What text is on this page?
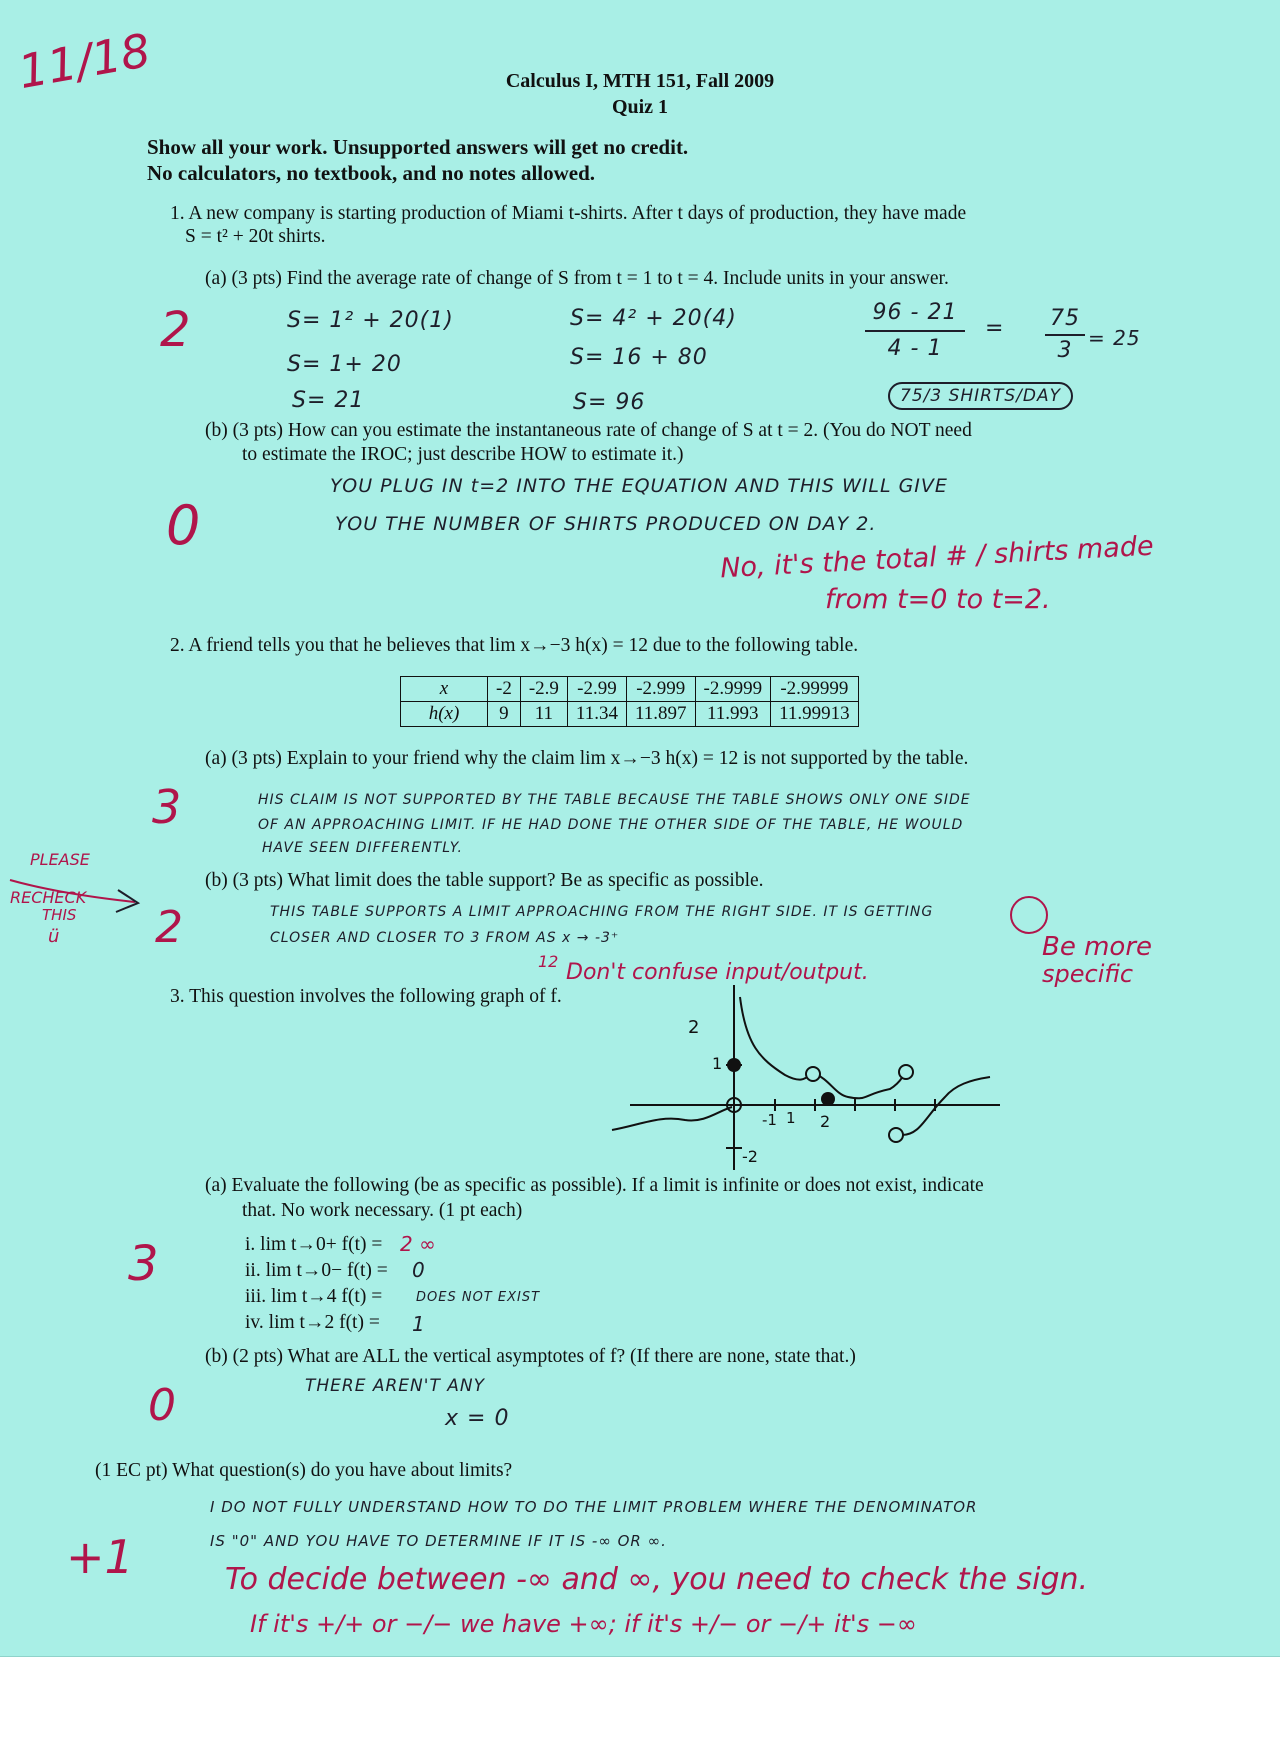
11/18	Calculus I, MTH 151, Fall 2009
Quiz 1
Show all your work. Unsupported answers will get no credit.
No calculators, no textbook, and no notes allowed.
1. A new company is starting production of Miami t-shirts. After t days of production, they have made
S = t² + 20t shirts.
(a) (3 pts) Find the average rate of change of S from t = 1 to t = 4. Include units in your answer.
2	S= 1² + 20(1)
S= 1+ 20
S= 21
S= 4² + 20(4)
S= 16 + 80
S= 96
96 - 21
4 - 1
=	75
3 = 25
75/3 SHIRTS/DAY
(b) (3 pts) How can you estimate the instantaneous rate of change of S at t = 2. (You do NOT need
to estimate the IROC; just describe HOW to estimate it.)
YOU PLUG IN t=2 INTO THE EQUATION AND THIS WILL GIVE
YOU THE NUMBER OF SHIRTS PRODUCED ON DAY 2.
0
No, it's the total # / shirts made
from t=0 to t=2.
2. A friend tells you that he believes that lim x→−3 h(x) = 12 due to the following table.
x	-2	-2.9	-2.99	-2.999	-2.9999	-2.99999
h(x)	9	11	11.34	11.897	11.993	11.99913
(a) (3 pts) Explain to your friend why the claim lim x→−3 h(x) = 12 is not supported by the table.
3	HIS CLAIM IS NOT SUPPORTED BY THE TABLE BECAUSE THE TABLE SHOWS ONLY ONE SIDE
OF AN APPROACHING LIMIT. IF HE HAD DONE THE OTHER SIDE OF THE TABLE, HE WOULD
HAVE SEEN DIFFERENTLY.
PLEASE
RECHECK
THIS
ü
(b) (3 pts) What limit does the table support? Be as specific as possible.
2	THIS TABLE SUPPORTS A LIMIT APPROACHING FROM THE RIGHT SIDE. IT IS GETTING
CLOSER AND CLOSER TO 3 FROM AS x → -3⁺
12	Be more
specific
Don't confuse input/output.
3. This question involves the following graph of f.
2
1
-1 1 2
-2
(a) Evaluate the following (be as specific as possible). If a limit is infinite or does not exist, indicate
that. No work necessary. (1 pt each)
3	i. lim t→0+ f(t) = 2 ∞
ii. lim t→0− f(t) = 0
iii. lim t→4 f(t) =	DOES NOT EXIST
iv. lim t→2 f(t) = 1
(b) (2 pts) What are ALL the vertical asymptotes of f? (If there are none, state that.)
0	THERE AREN'T ANY
x = 0
(1 EC pt) What question(s) do you have about limits?
I DO NOT FULLY UNDERSTAND HOW TO DO THE LIMIT PROBLEM WHERE THE DENOMINATOR
IS "0" AND YOU HAVE TO DETERMINE IF IT IS -∞ OR ∞.
+1	To decide between -∞ and ∞, you need to check the sign.
If it's +/+ or −/− we have +∞; if it's +/− or −/+ it's −∞
